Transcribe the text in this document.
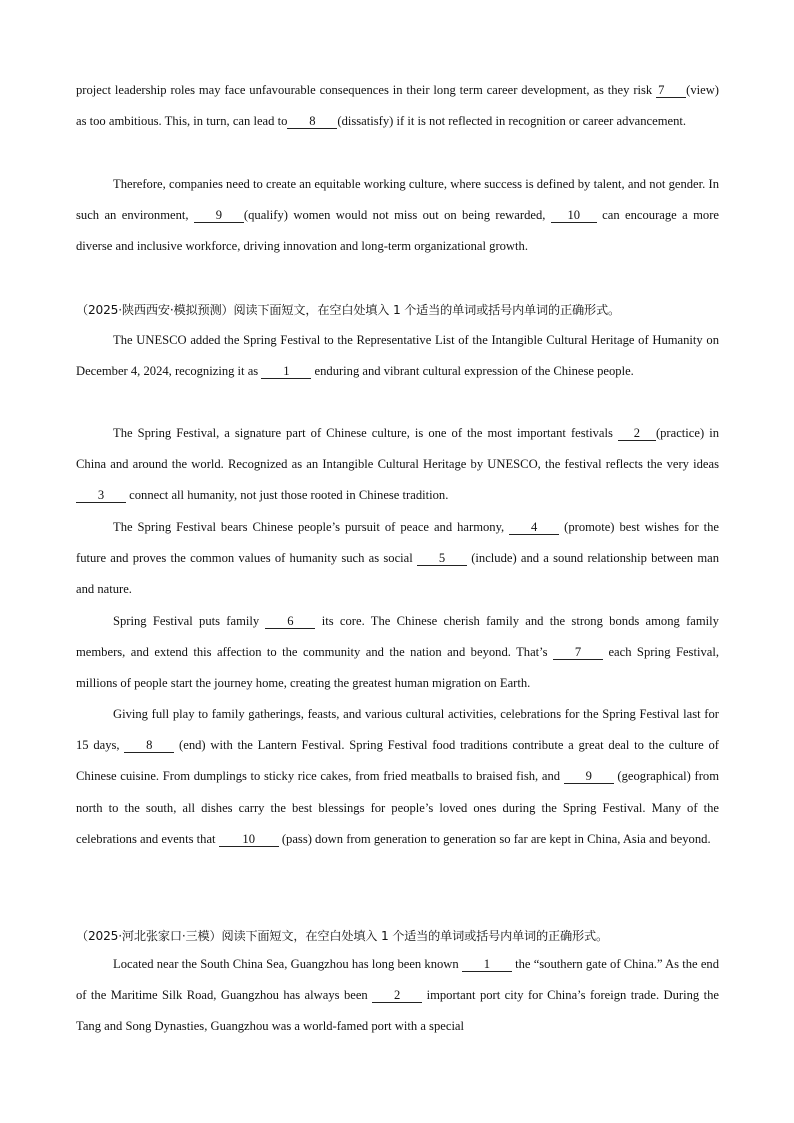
project leadership roles may face unfavourable consequences in their long term career development, as they risk 7 (view) as too ambitious. This, in turn, can lead to 8 (dissatisfy) if it is not reflected in recognition or career advancement.

Therefore, companies need to create an equitable working culture, where success is defined by talent, and not gender. In such an environment, 9 (qualify) women would not miss out on being rewarded, 10 can encourage a more diverse and inclusive workforce, driving innovation and long-term organizational growth.

（2025·陕西西安·模拟预测）阅读下面短文，在空白处填入 1 个适当的单词或括号内单词的正确形式。

The UNESCO added the Spring Festival to the Representative List of the Intangible Cultural Heritage of Humanity on December 4, 2024, recognizing it as 1 enduring and vibrant cultural expression of the Chinese people.

The Spring Festival, a signature part of Chinese culture, is one of the most important festivals 2 (practice) in China and around the world. Recognized as an Intangible Cultural Heritage by UNESCO, the festival reflects the very ideas 3 connect all humanity, not just those rooted in Chinese tradition.

The Spring Festival bears Chinese people’s pursuit of peace and harmony, 4 (promote) best wishes for the future and proves the common values of humanity such as social 5 (include) and a sound relationship between man and nature.

Spring Festival puts family 6 its core. The Chinese cherish family and the strong bonds among family members, and extend this affection to the community and the nation and beyond. That’s 7 each Spring Festival, millions of people start the journey home, creating the greatest human migration on Earth.

Giving full play to family gatherings, feasts, and various cultural activities, celebrations for the Spring Festival last for 15 days, 8 (end) with the Lantern Festival. Spring Festival food traditions contribute a great deal to the culture of Chinese cuisine. From dumplings to sticky rice cakes, from fried meatballs to braised fish, and 9 (geographical) from north to the south, all dishes carry the best blessings for people’s loved ones during the Spring Festival. Many of the celebrations and events that 10 (pass) down from generation to generation so far are kept in China, Asia and beyond.

（2025·河北张家口·三模）阅读下面短文，在空白处填入 1 个适当的单词或括号内单词的正确形式。

Located near the South China Sea, Guangzhou has long been known 1 the “southern gate of China.” As the end of the Maritime Silk Road, Guangzhou has always been 2 important port city for China’s foreign trade. During the Tang and Song Dynasties, Guangzhou was a world-famed port with a special
